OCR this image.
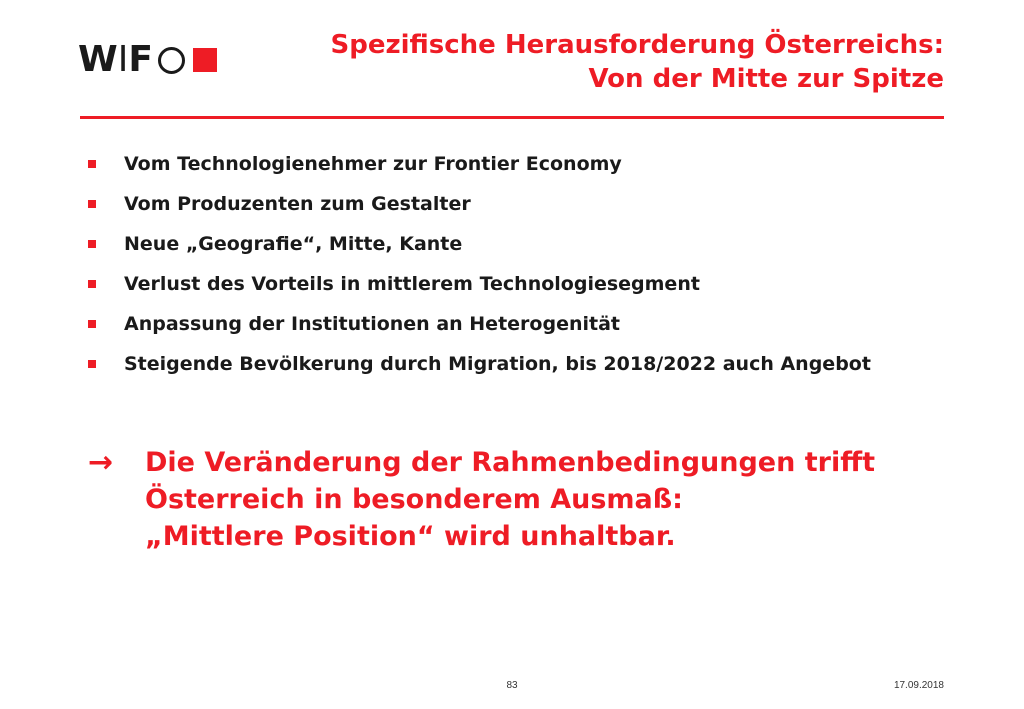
WIF	Spezifische Herausforderung Österreichs:
Von der Mitte zur Spitze
Vom Technologienehmer zur Frontier Economy
Vom Produzenten zum Gestalter
Neue „Geografie“, Mitte, Kante
Verlust des Vorteils in mittlerem Technologiesegment
Anpassung der Institutionen an Heterogenität
Steigende Bevölkerung durch Migration, bis 2018/2022 auch Angebot
→	Die Veränderung der Rahmenbedingungen trifft
Österreich in besonderem Ausmaß:
„Mittlere Position“ wird unhaltbar.
83	17.09.2018
